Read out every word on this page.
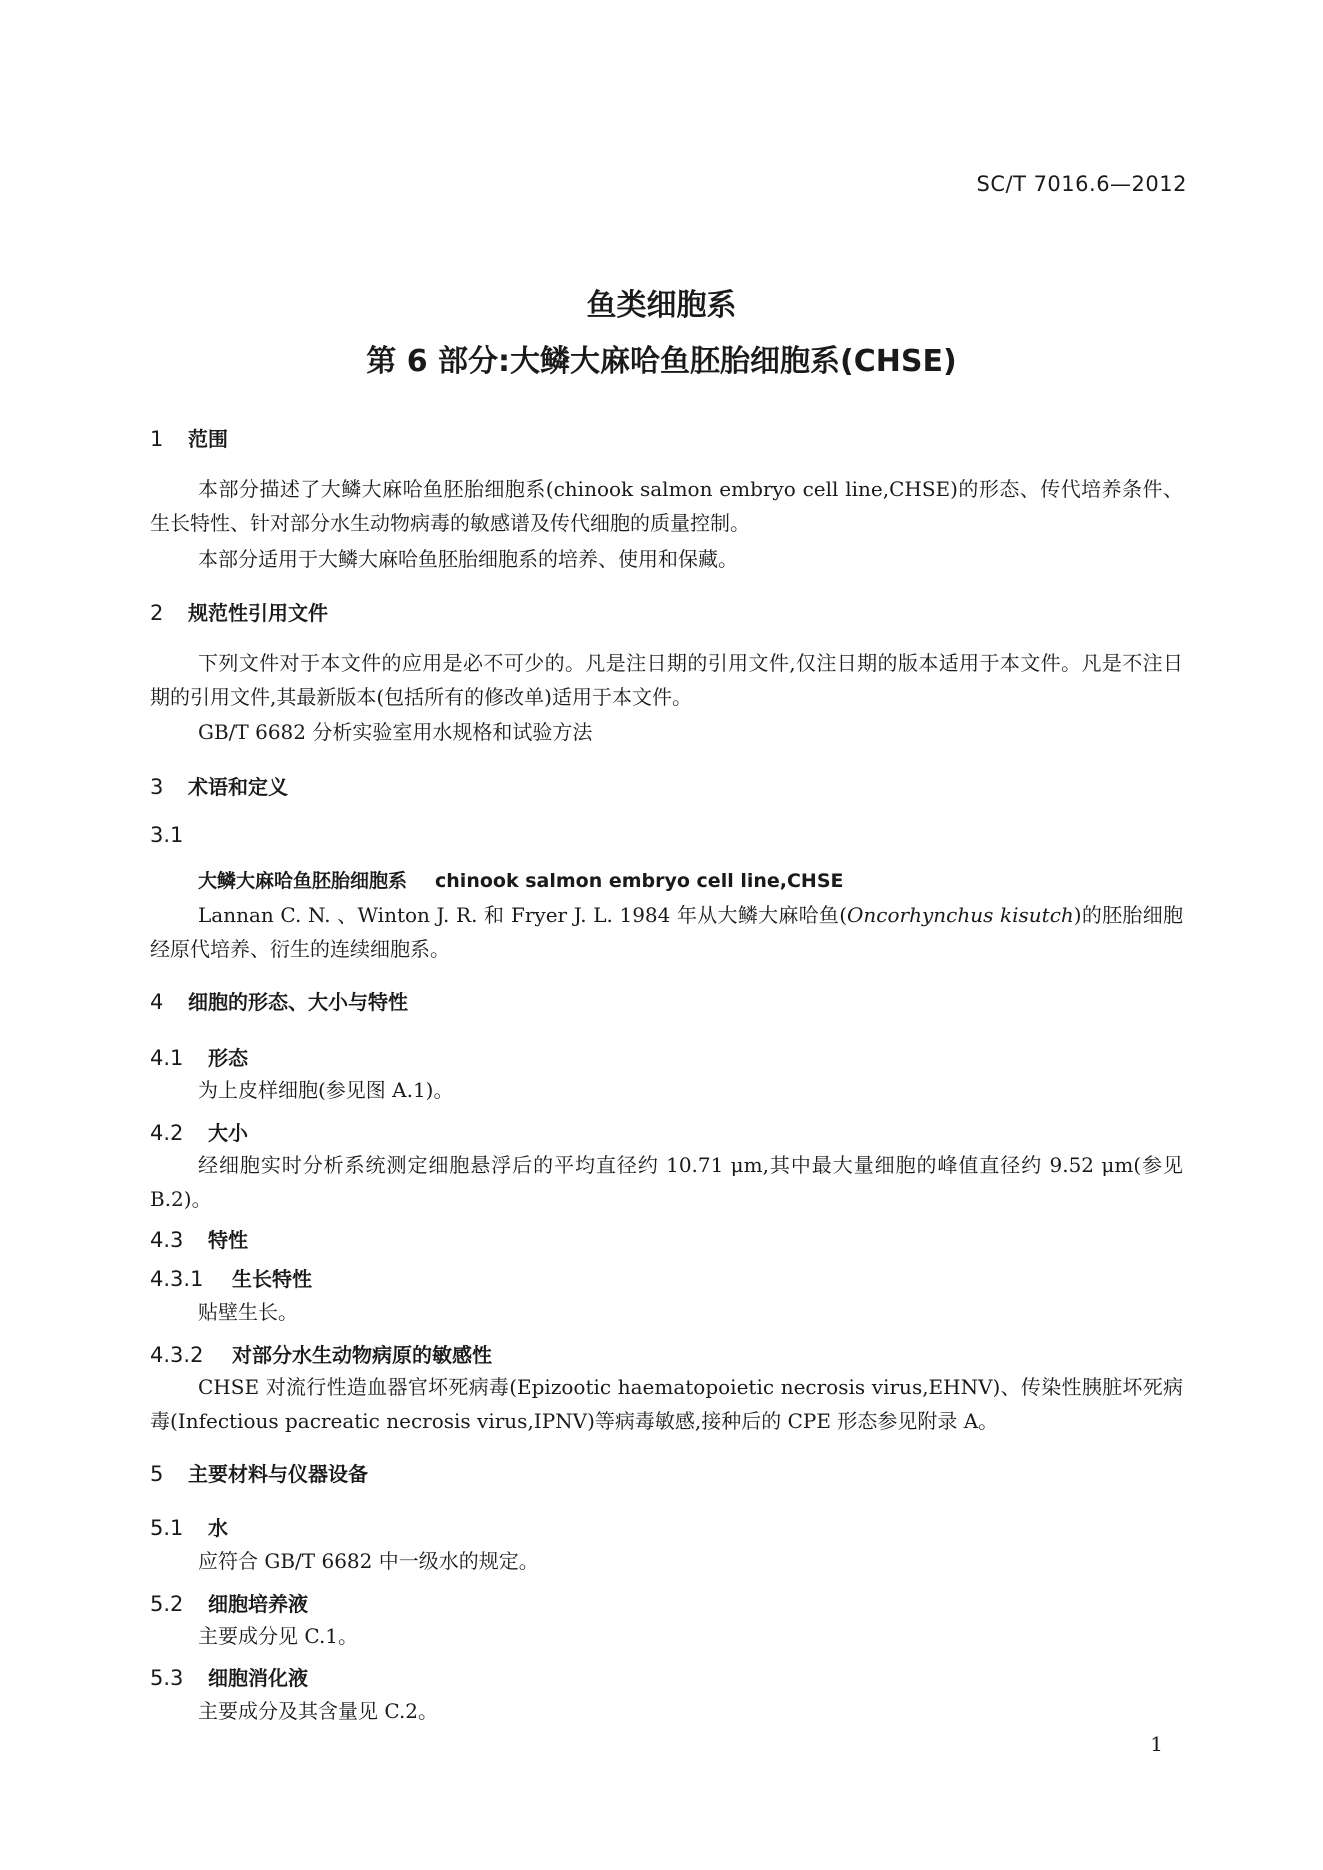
SC/T 7016.6—2012
鱼类细胞系
第 6 部分:大鳞大麻哈鱼胚胎细胞系(CHSE)
1 范围
本部分描述了大鳞大麻哈鱼胚胎细胞系(chinook salmon embryo cell line,CHSE)的形态、传代培养条件、生长特性、针对部分水生动物病毒的敏感谱及传代细胞的质量控制。
本部分适用于大鳞大麻哈鱼胚胎细胞系的培养、使用和保藏。
2 规范性引用文件
下列文件对于本文件的应用是必不可少的。凡是注日期的引用文件,仅注日期的版本适用于本文件。凡是不注日期的引用文件,其最新版本(包括所有的修改单)适用于本文件。
GB/T 6682 分析实验室用水规格和试验方法
3 术语和定义
3.1
大鳞大麻哈鱼胚胎细胞系 chinook salmon embryo cell line,CHSE
Lannan C. N. 、Winton J. R. 和 Fryer J. L. 1984 年从大鳞大麻哈鱼(Oncorhynchus kisutch)的胚胎细胞经原代培养、衍生的连续细胞系。
4 细胞的形态、大小与特性
4.1 形态
为上皮样细胞(参见图 A.1)。
4.2 大小
经细胞实时分析系统测定细胞悬浮后的平均直径约 10.71 μm,其中最大量细胞的峰值直径约 9.52 μm(参见 B.2)。
4.3 特性
4.3.1 生长特性
贴壁生长。
4.3.2 对部分水生动物病原的敏感性
CHSE 对流行性造血器官坏死病毒(Epizootic haematopoietic necrosis virus,EHNV)、传染性胰脏坏死病毒(Infectious pacreatic necrosis virus,IPNV)等病毒敏感,接种后的 CPE 形态参见附录 A。
5 主要材料与仪器设备
5.1 水
应符合 GB/T 6682 中一级水的规定。
5.2 细胞培养液
主要成分见 C.1。
5.3 细胞消化液
主要成分及其含量见 C.2。
1
